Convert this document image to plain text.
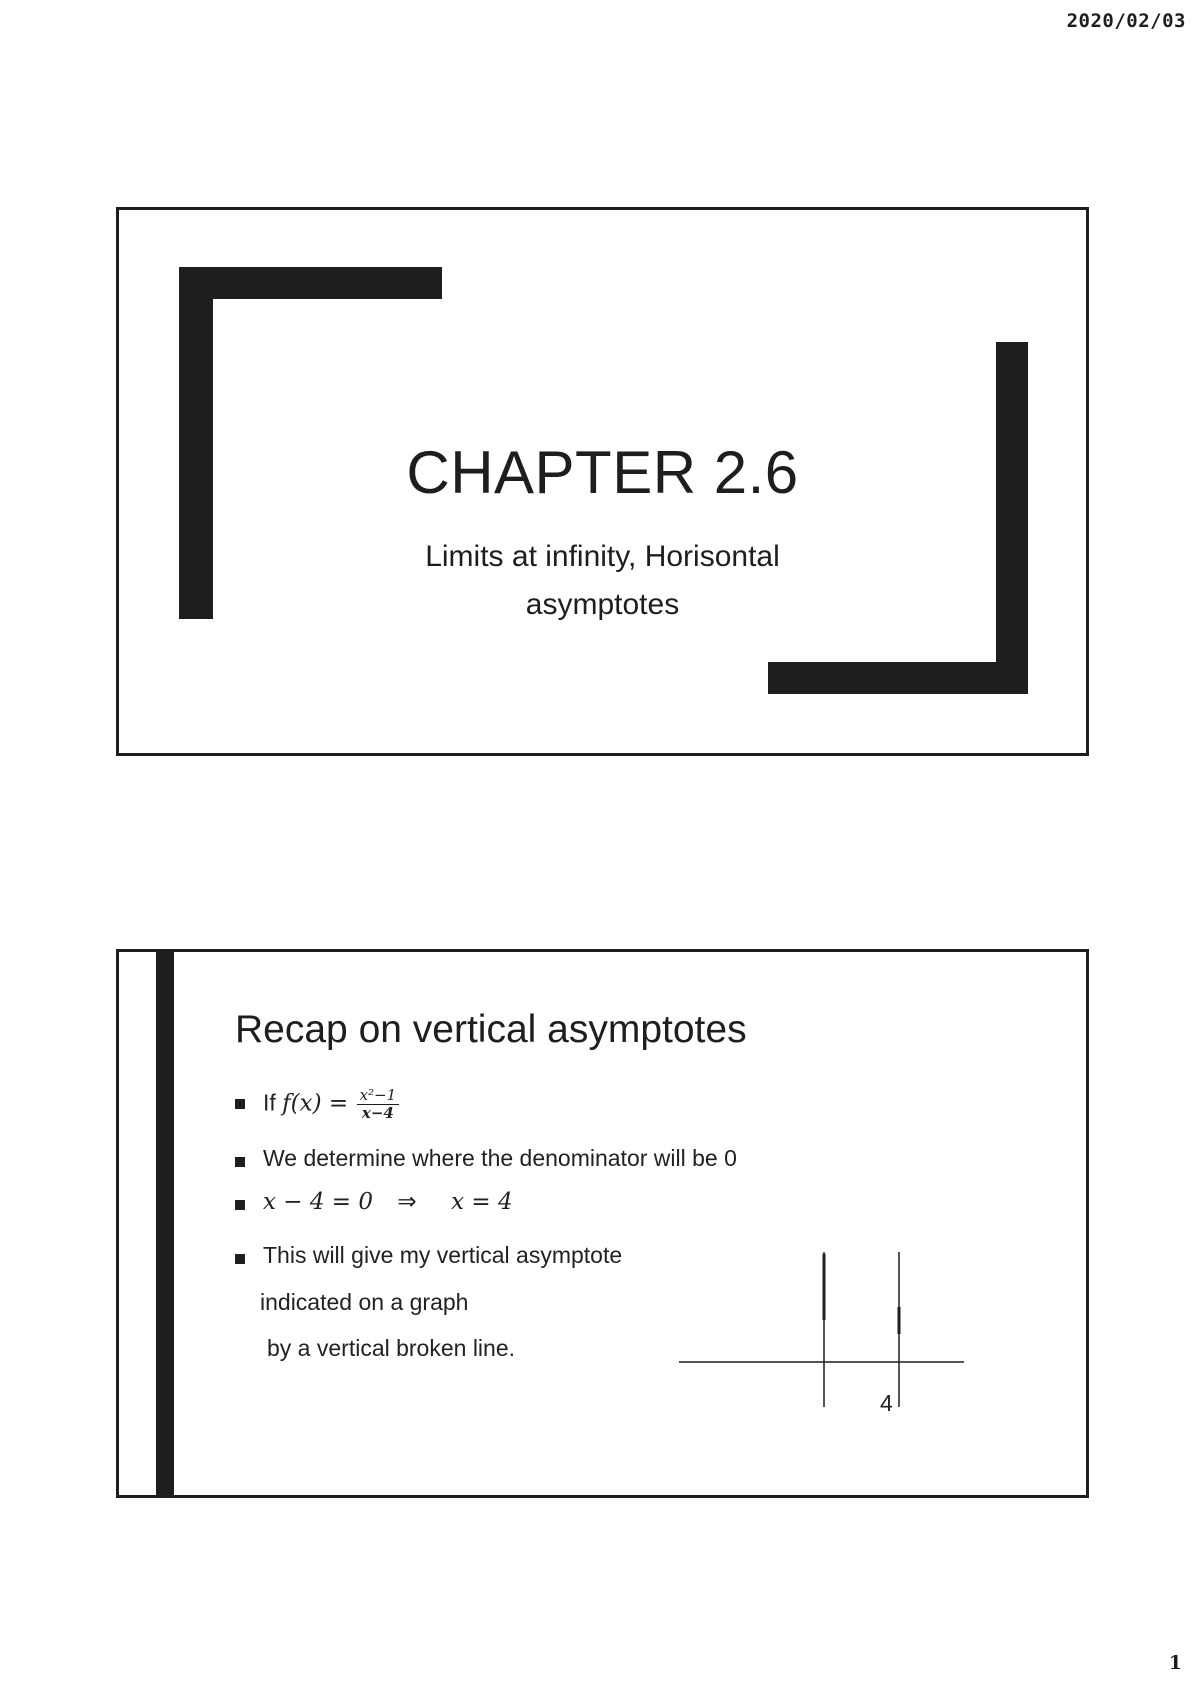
2020/02/03
CHAPTER 2.6
Limits at infinity, Horisontal
asymptotes
Recap on vertical asymptotes
If $f(x) = \frac{\text{x²−1}}{x-4}$
We determine where the denominator will be 0
x − 4 = 0 ⇒ x = 4
This will give my vertical asymptote
indicated on a graph
by a vertical broken line.
4
1
